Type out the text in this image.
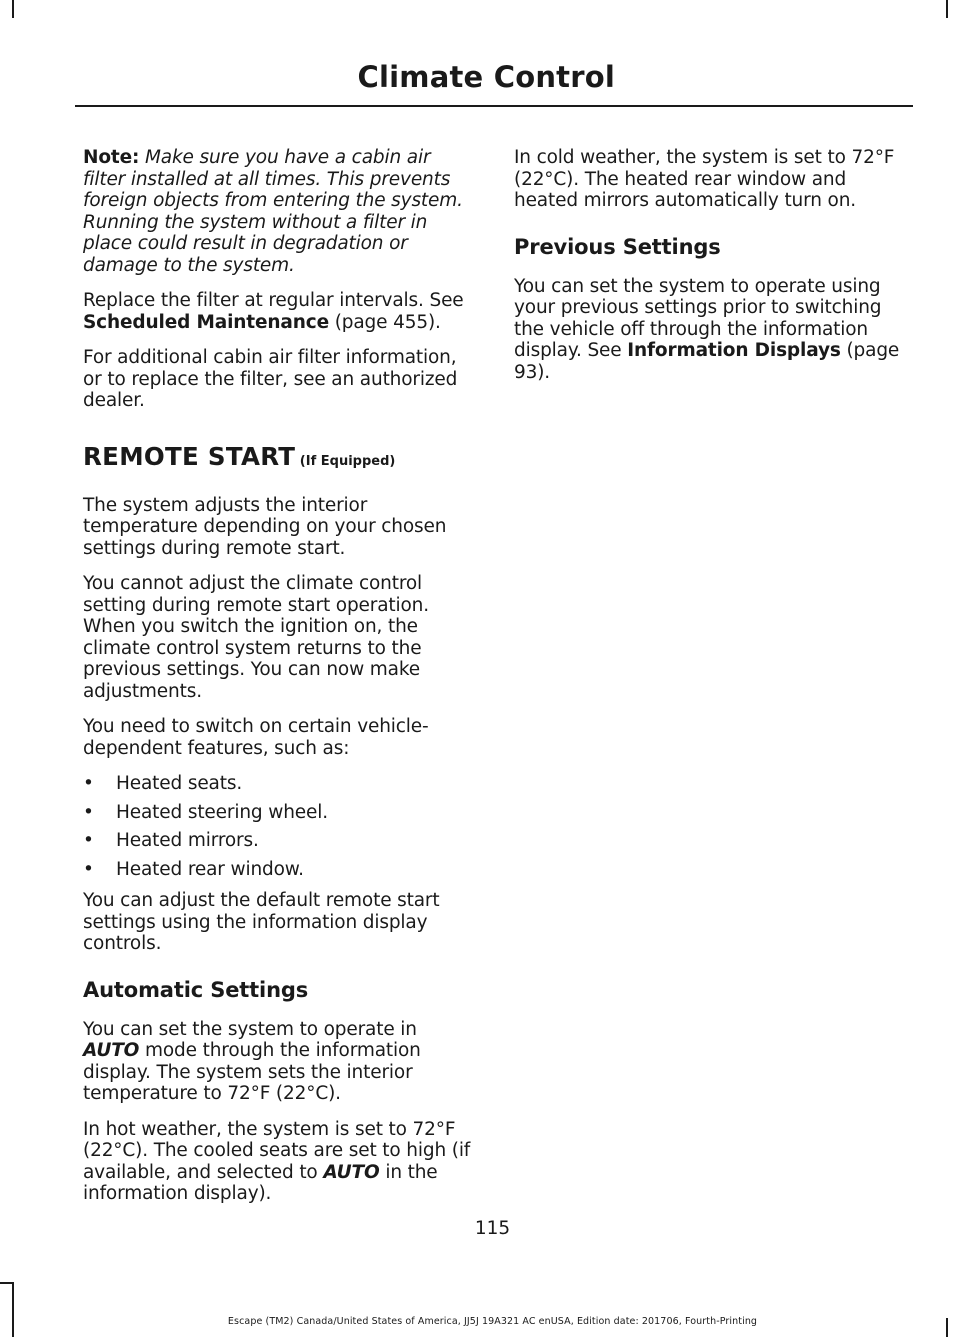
Climate Control

Note: Make sure you have a cabin air filter installed at all times. This prevents foreign objects from entering the system. Running the system without a filter in place could result in degradation or damage to the system.

Replace the filter at regular intervals. See Scheduled Maintenance (page 455).

For additional cabin air filter information, or to replace the filter, see an authorized dealer.

REMOTE START (If Equipped)

The system adjusts the interior temperature depending on your chosen settings during remote start.

You cannot adjust the climate control setting during remote start operation. When you switch the ignition on, the climate control system returns to the previous settings. You can now make adjustments.

You need to switch on certain vehicle-dependent features, such as:

• Heated seats.
• Heated steering wheel.
• Heated mirrors.
• Heated rear window.

You can adjust the default remote start settings using the information display controls.

Automatic Settings

You can set the system to operate in AUTO mode through the information display. The system sets the interior temperature to 72°F (22°C).

In hot weather, the system is set to 72°F (22°C). The cooled seats are set to high (if available, and selected to AUTO in the information display).

In cold weather, the system is set to 72°F (22°C). The heated rear window and heated mirrors automatically turn on.

Previous Settings

You can set the system to operate using your previous settings prior to switching the vehicle off through the information display. See Information Displays (page 93).

115
Escape (TM2) Canada/United States of America, JJ5J 19A321 AC enUSA, Edition date: 201706, Fourth-Printing
